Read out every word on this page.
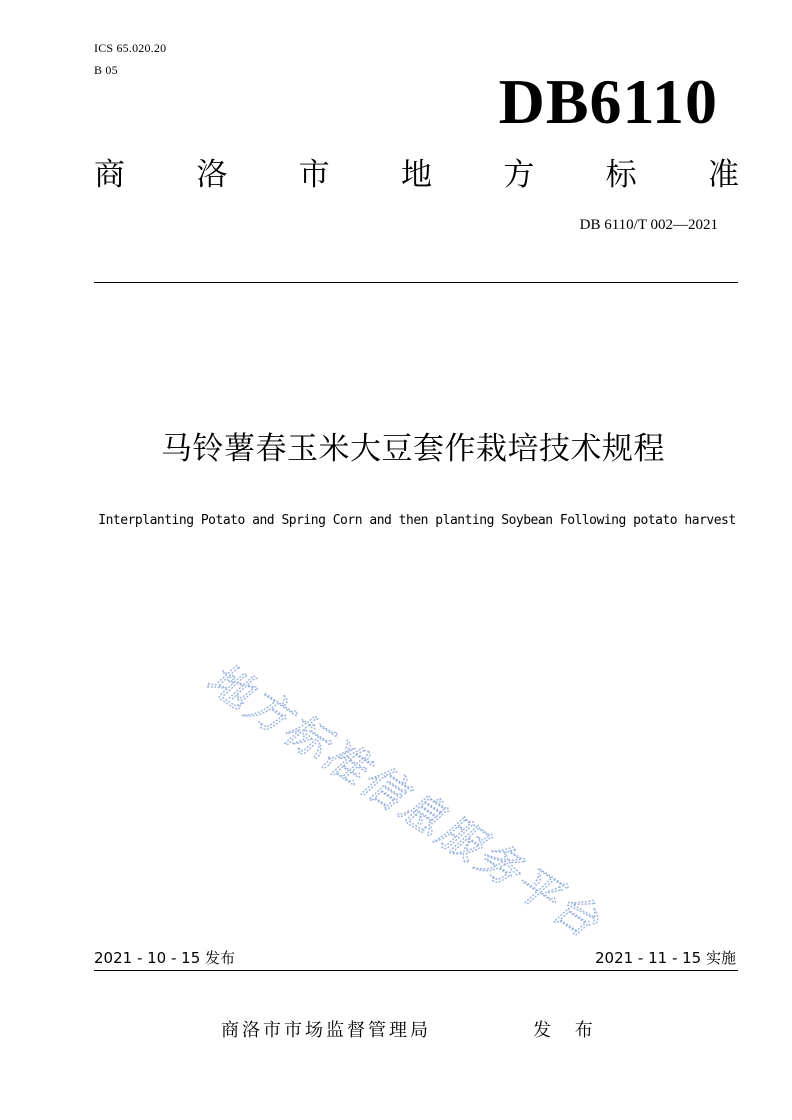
ICS 65.020.20
B 05	DB6110
商 洛 市 地 方 标 准
DB 6110/T 002—2021
马铃薯春玉米大豆套作栽培技术规程
Interplanting Potato and Spring Corn and then planting Soybean Following potato harvest
地方标准信息服务平台
2021 - 10 - 15 发布	2021 - 11 - 15 实施
商洛市市场监督管理局	发 布
